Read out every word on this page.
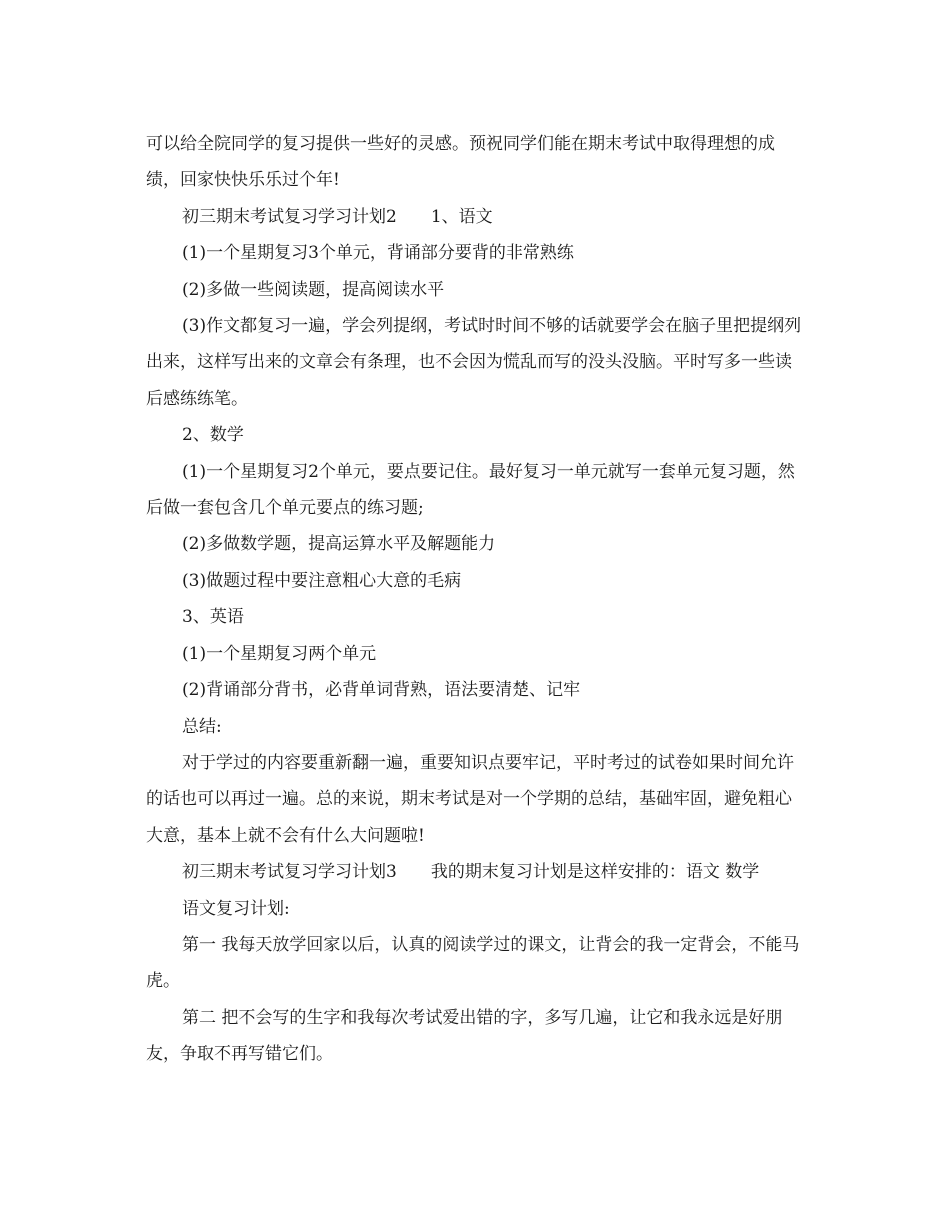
可以给全院同学的复习提供一些好的灵感。预祝同学们能在期末考试中取得理想的成绩，回家快快乐乐过个年!

初三期末考试复习学习计划2　　1、语文

(1)一个星期复习3个单元，背诵部分要背的非常熟练

(2)多做一些阅读题，提高阅读水平

(3)作文都复习一遍，学会列提纲，考试时时间不够的话就要学会在脑子里把提纲列出来，这样写出来的文章会有条理，也不会因为慌乱而写的没头没脑。平时写多一些读后感练练笔。

2、数学

(1)一个星期复习2个单元，要点要记住。最好复习一单元就写一套单元复习题，然后做一套包含几个单元要点的练习题;

(2)多做数学题，提高运算水平及解题能力

(3)做题过程中要注意粗心大意的毛病

3、英语

(1)一个星期复习两个单元

(2)背诵部分背书，必背单词背熟，语法要清楚、记牢

总结:

对于学过的内容要重新翻一遍，重要知识点要牢记，平时考过的试卷如果时间允许的话也可以再过一遍。总的来说，期末考试是对一个学期的总结，基础牢固，避免粗心大意，基本上就不会有什么大问题啦!

初三期末考试复习学习计划3　　我的期末复习计划是这样安排的：语文 数学

语文复习计划:

第一 我每天放学回家以后，认真的阅读学过的课文，让背会的我一定背会，不能马虎。

第二 把不会写的生字和我每次考试爱出错的字，多写几遍，让它和我永远是好朋友，争取不再写错它们。
